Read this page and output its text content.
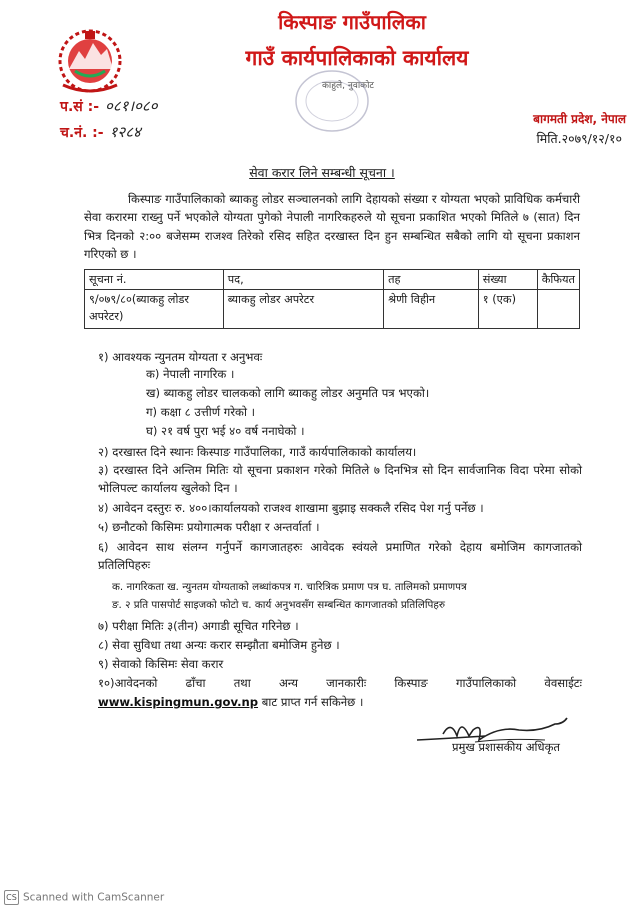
किस्पाङ गाउँपालिका
गाउँ कार्यपालिकाको कार्यालय
काहुले, नुवाकोट
प.सं :- ०८१।०८०
च.नं. :- १२८४
बागमती प्रदेश, नेपाल
मिति.२०७९/१२/१०
सेवा करार लिने सम्बन्धी सूचना ।
किस्पाङ गाउँपालिकाको ब्याकहु लोडर सञ्चालनको लागि देहायको संख्या र योग्यता भएको प्राविधिक कर्मचारी सेवा करारमा राख्नु पर्ने भएकोले योग्यता पुगेको नेपाली नागरिकहरुले यो सूचना प्रकाशित भएको मितिले ७ (सात) दिन भित्र दिनको २:०० बजेसम्म राजश्व तिरेको रसिद सहित दरखास्त दिन हुन सम्बन्धित सबैको लागि यो सूचना प्रकाशन गरिएको छ ।
सूचना नं.	पद,	तह	संख्या	कैफियत
९/०७९/८०(ब्याकहु लोडर अपरेटर)	ब्याकहु लोडर अपरेटर	श्रेणी विहीन	१ (एक)	
१) आवश्यक न्युनतम योग्यता र अनुभवः
क) नेपाली नागरिक ।
ख) ब्याकहु लोडर चालकको लागि ब्याकहु लोडर अनुमति पत्र भएको।
ग) कक्षा ८ उत्तीर्ण गरेको ।
घ) २१ वर्ष पुरा भई ४० वर्ष ननाघेको ।
२) दरखास्त दिने स्थानः किस्पाङ गाउँपालिका, गाउँ कार्यपालिकाको कार्यालय।
३) दरखास्त दिने अन्तिम मितिः यो सूचना प्रकाशन गरेको मितिले ७ दिनभित्र सो दिन सार्वजानिक विदा परेमा सोको भोलिपल्ट कार्यालय खुलेको दिन ।
४) आवेदन दस्तुरः रु. ४००।कार्यालयको राजश्व शाखामा बुझाइ सक्कलै रसिद पेश गर्नु पर्नेछ ।
५) छनौटको किसिमः प्रयोगात्मक परीक्षा र अन्तर्वार्ता ।
६) आवेदन साथ संलग्न गर्नुपर्ने कागजातहरुः आवेदक स्वंयले प्रमाणित गरेको देहाय बमोजिम कागजातको प्रतिलिपिहरुः
क. नागरिकता ख. न्युनतम योग्यताको लब्धांकपत्र ग. चारित्रिक प्रमाण पत्र घ. तालिमको प्रमाणपत्र
ङ. २ प्रति पासपोर्ट साइजको फोटो च. कार्य अनुभवसँग सम्बन्धित कागजातको प्रतिलिपिहरु
७) परीक्षा मितिः ३(तीन) अगाडी सूचित गरिनेछ ।
८) सेवा सुविधा तथा अन्यः करार सम्झौता बमोजिम हुनेछ ।
९) सेवाको किसिमः सेवा करार
१०)आवेदनको ढाँचा तथा अन्य जानकारीः किस्पाङ गाउँपालिकाको वेवसाईटः
www.kispingmun.gov.np बाट प्राप्त गर्न सकिनेछ ।
प्रमुख प्रशासकीय अधिकृत
CS Scanned with CamScanner
